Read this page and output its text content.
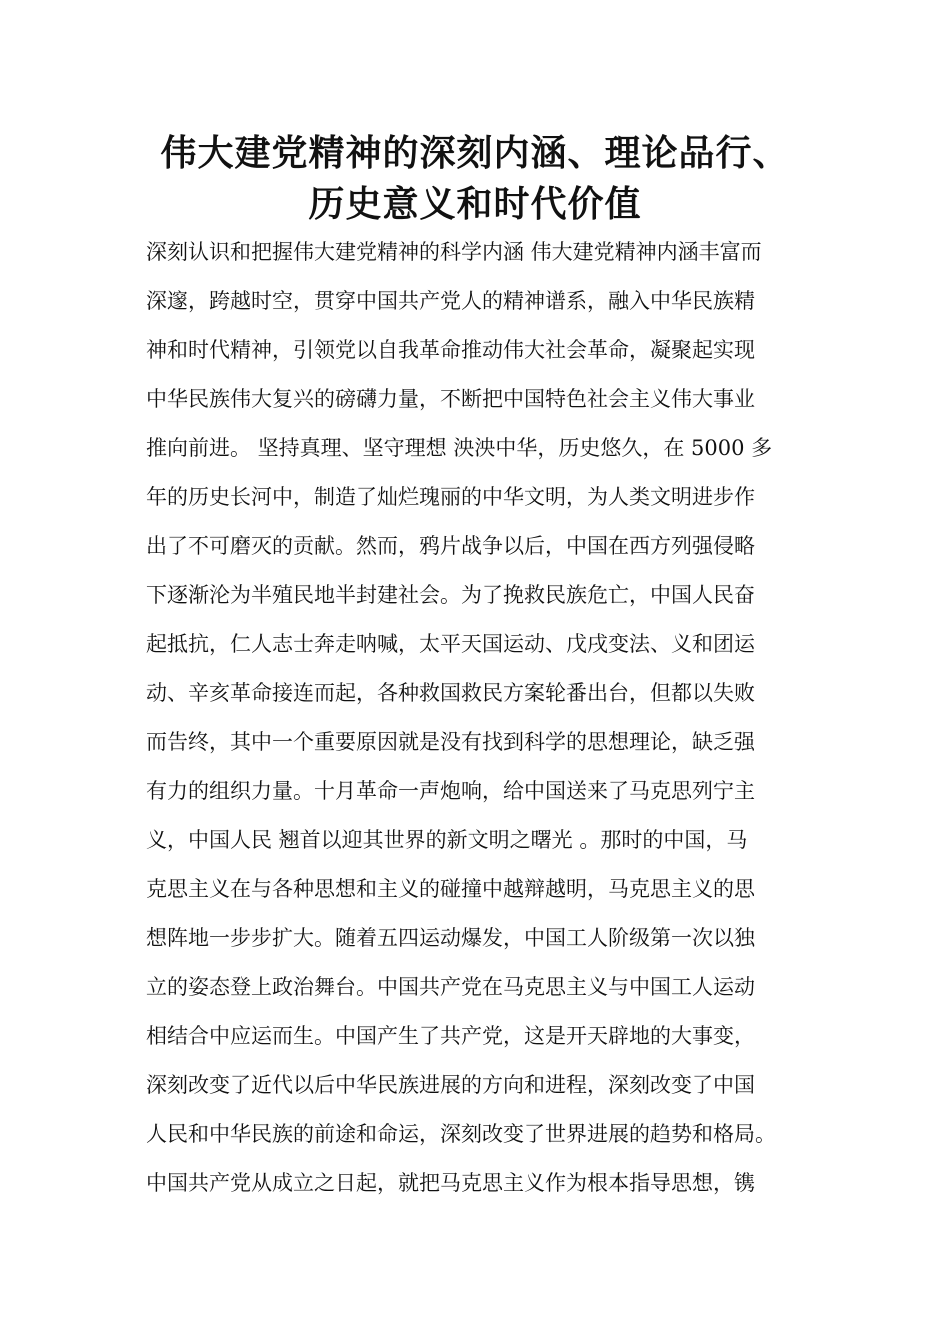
伟大建党精神的深刻内涵、理论品行、
历史意义和时代价值
深刻认识和把握伟大建党精神的科学内涵 伟大建党精神内涵丰富而
深邃，跨越时空，贯穿中国共产党人的精神谱系，融入中华民族精
神和时代精神，引领党以自我革命推动伟大社会革命，凝聚起实现
中华民族伟大复兴的磅礴力量，不断把中国特色社会主义伟大事业
推向前进。 坚持真理、坚守理想 泱泱中华，历史悠久，在 5000 多
年的历史长河中，制造了灿烂瑰丽的中华文明，为人类文明进步作
出了不可磨灭的贡献。然而，鸦片战争以后，中国在西方列强侵略
下逐渐沦为半殖民地半封建社会。为了挽救民族危亡，中国人民奋
起抵抗，仁人志士奔走呐喊，太平天国运动、戊戌变法、义和团运
动、辛亥革命接连而起，各种救国救民方案轮番出台，但都以失败
而告终，其中一个重要原因就是没有找到科学的思想理论，缺乏强
有力的组织力量。十月革命一声炮响，给中国送来了马克思列宁主
义，中国人民 翘首以迎其世界的新文明之曙光 。那时的中国，马
克思主义在与各种思想和主义的碰撞中越辩越明，马克思主义的思
想阵地一步步扩大。随着五四运动爆发，中国工人阶级第一次以独
立的姿态登上政治舞台。中国共产党在马克思主义与中国工人运动
相结合中应运而生。中国产生了共产党，这是开天辟地的大事变，
深刻改变了近代以后中华民族进展的方向和进程，深刻改变了中国
人民和中华民族的前途和命运，深刻改变了世界进展的趋势和格局。
中国共产党从成立之日起，就把马克思主义作为根本指导思想，镌
